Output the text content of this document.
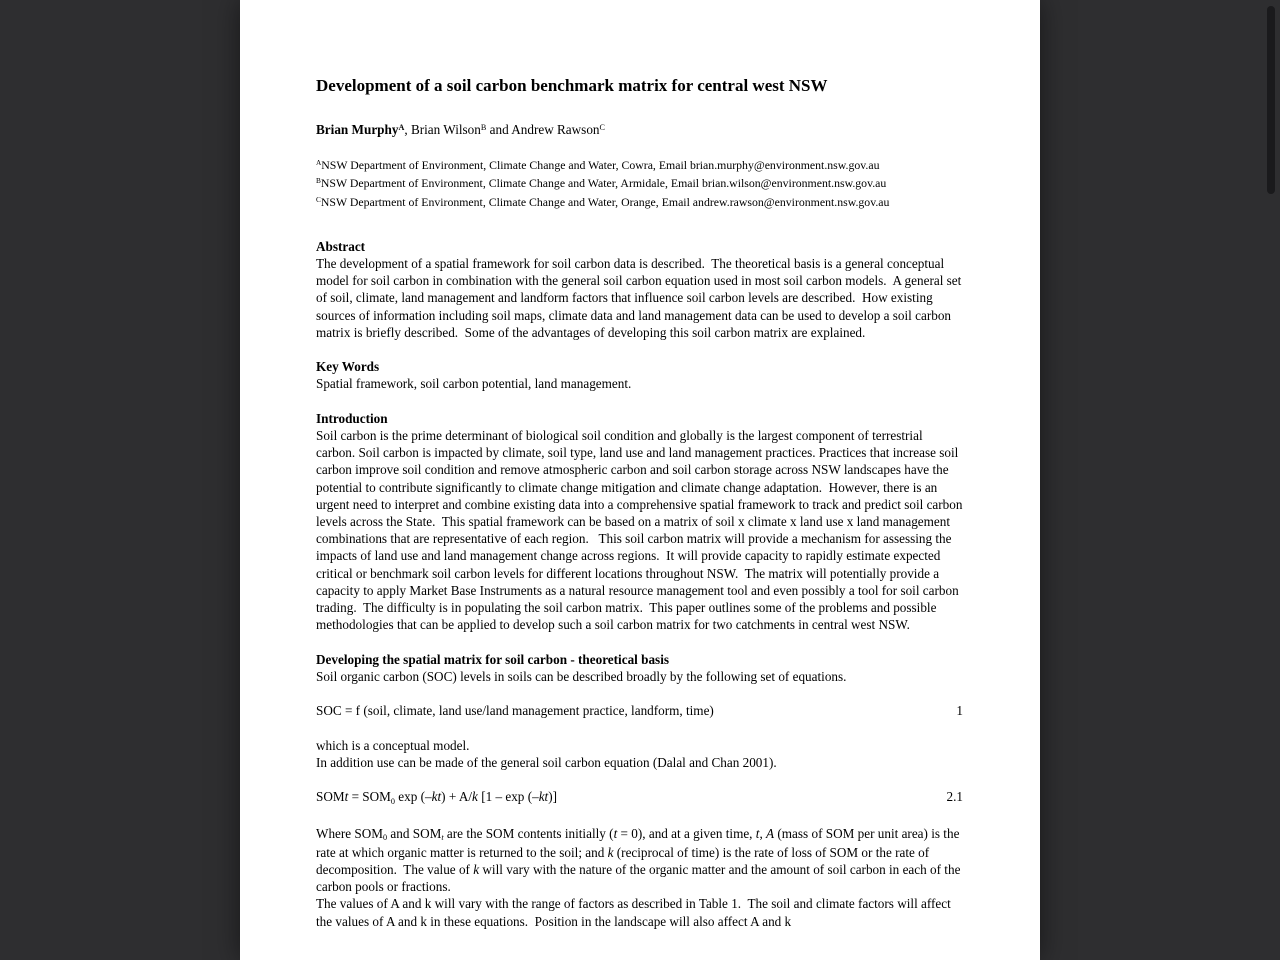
Development of a soil carbon benchmark matrix for central west NSW

Brian Murphy$^A$, Brian Wilson$^B$ and Andrew Rawson$^C$

$^A$NSW Department of Environment, Climate Change and Water, Cowra, Email brian.murphy@environment.nsw.gov.au

$^B$NSW Department of Environment, Climate Change and Water, Armidale, Email brian.wilson@environment.nsw.gov.au

$^C$NSW Department of Environment, Climate Change and Water, Orange, Email andrew.rawson@environment.nsw.gov.au

Abstract

The development of a spatial framework for soil carbon data is described.  The theoretical basis is a general conceptual model for soil carbon in combination with the general soil carbon equation used in most soil carbon models.  A general set of soil, climate, land management and landform factors that influence soil carbon levels are described.  How existing sources of information including soil maps, climate data and land management data can be used to develop a soil carbon matrix is briefly described.  Some of the advantages of developing this soil carbon matrix are explained.

Key Words

Spatial framework, soil carbon potential, land management.

Introduction

Soil carbon is the prime determinant of biological soil condition and globally is the largest component of terrestrial carbon. Soil carbon is impacted by climate, soil type, land use and land management practices. Practices that increase soil carbon improve soil condition and remove atmospheric carbon and soil carbon storage across NSW landscapes have the potential to contribute significantly to climate change mitigation and climate change adaptation.  However, there is an urgent need to interpret and combine existing data into a comprehensive spatial framework to track and predict soil carbon levels across the State.  This spatial framework can be based on a matrix of soil x climate x land use x land management combinations that are representative of each region.   This soil carbon matrix will provide a mechanism for assessing the impacts of land use and land management change across regions.  It will provide capacity to rapidly estimate expected critical or benchmark soil carbon levels for different locations throughout NSW.  The matrix will potentially provide a capacity to apply Market Base Instruments as a natural resource management tool and even possibly a tool for soil carbon trading.  The difficulty is in populating the soil carbon matrix.  This paper outlines some of the problems and possible methodologies that can be applied to develop such a soil carbon matrix for two catchments in central west NSW.

Developing the spatial matrix for soil carbon - theoretical basis

Soil organic carbon (SOC) levels in soils can be described broadly by the following set of equations.

SOC = f (soil, climate, land use/land management practice, landform, time)	1

which is a conceptual model.

In addition use can be made of the general soil carbon equation (Dalal and Chan 2001).

SOMt = SOM0 exp (–kt) + A/k [1 – exp (–kt)]	2.1

Where SOM0 and SOMt are the SOM contents initially (t = 0), and at a given time, t, A (mass of SOM per unit area) is the rate at which organic matter is returned to the soil; and k (reciprocal of time) is the rate of loss of SOM or the rate of decomposition.  The value of k will vary with the nature of the organic matter and the amount of soil carbon in each of the carbon pools or fractions.

The values of A and k will vary with the range of factors as described in Table 1.  The soil and climate factors will affect the values of A and k in these equations.  Position in the landscape will also affect A and k
